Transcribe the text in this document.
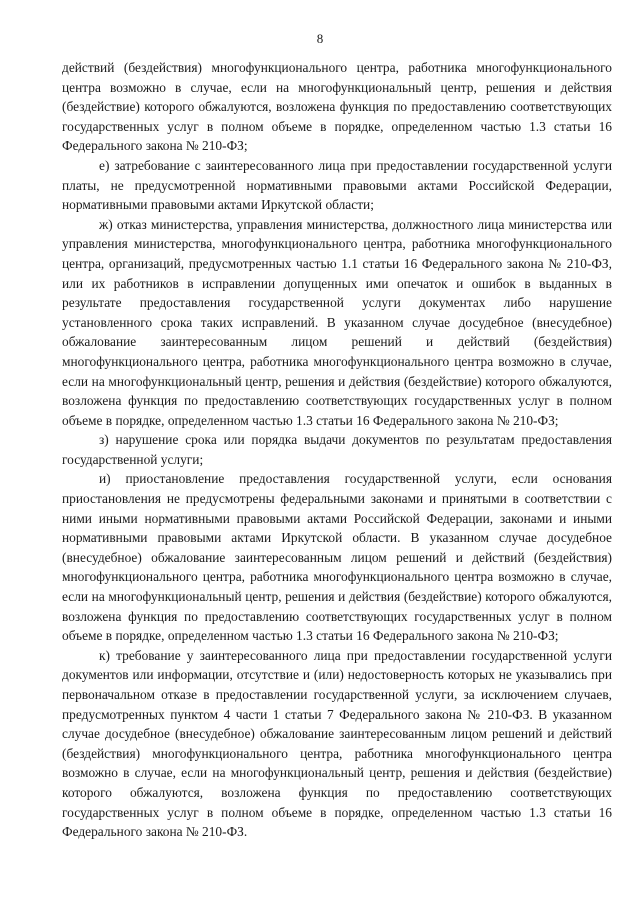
8

действий (бездействия) многофункционального центра, работника многофункционального центра возможно в случае, если на многофункциональный центр, решения и действия (бездействие) которого обжалуются, возложена функция по предоставлению соответствующих государственных услуг в полном объеме в порядке, определенном частью 1.3 статьи 16 Федерального закона № 210-ФЗ;

е) затребование с заинтересованного лица при предоставлении государственной услуги платы, не предусмотренной нормативными правовыми актами Российской Федерации, нормативными правовыми актами Иркутской области;

ж) отказ министерства, управления министерства, должностного лица министерства или управления министерства, многофункционального центра, работника многофункционального центра, организаций, предусмотренных частью 1.1 статьи 16 Федерального закона № 210-ФЗ, или их работников в исправлении допущенных ими опечаток и ошибок в выданных в результате предоставления государственной услуги документах либо нарушение установленного срока таких исправлений. В указанном случае досудебное (внесудебное) обжалование заинтересованным лицом решений и действий (бездействия) многофункционального центра, работника многофункционального центра возможно в случае, если на многофункциональный центр, решения и действия (бездействие) которого обжалуются, возложена функция по предоставлению соответствующих государственных услуг в полном объеме в порядке, определенном частью 1.3 статьи 16 Федерального закона № 210-ФЗ;

з) нарушение срока или порядка выдачи документов по результатам предоставления государственной услуги;

и) приостановление предоставления государственной услуги, если основания приостановления не предусмотрены федеральными законами и принятыми в соответствии с ними иными нормативными правовыми актами Российской Федерации, законами и иными нормативными правовыми актами Иркутской области. В указанном случае досудебное (внесудебное) обжалование заинтересованным лицом решений и действий (бездействия) многофункционального центра, работника многофункционального центра возможно в случае, если на многофункциональный центр, решения и действия (бездействие) которого обжалуются, возложена функция по предоставлению соответствующих государственных услуг в полном объеме в порядке, определенном частью 1.3 статьи 16 Федерального закона № 210-ФЗ;

к) требование у заинтересованного лица при предоставлении государственной услуги документов или информации, отсутствие и (или) недостоверность которых не указывались при первоначальном отказе в предоставлении государственной услуги, за исключением случаев, предусмотренных пунктом 4 части 1 статьи 7 Федерального закона № 210-ФЗ. В указанном случае досудебное (внесудебное) обжалование заинтересованным лицом решений и действий (бездействия) многофункционального центра, работника многофункционального центра возможно в случае, если на многофункциональный центр, решения и действия (бездействие) которого обжалуются, возложена функция по предоставлению соответствующих государственных услуг в полном объеме в порядке, определенном частью 1.3 статьи 16 Федерального закона № 210-ФЗ.
